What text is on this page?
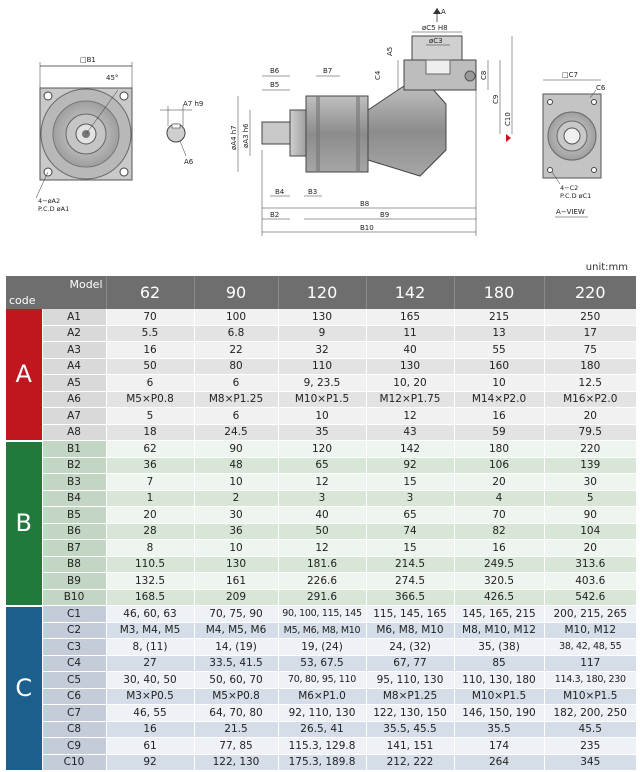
□B1
45°
4−øA2
P.C.D øA1
A7 h9
A6
A
øC5 H8
øC3
A5
C4	C8
C9
C10
B6
B5
B7
øA4 h7 øA3 h6
B4	B3
B8
B2	B9
B10
□C7
C6
4−C2
P.C.D øC1
A−VIEW
unit:mm
Model
code		62	90	120	142	180	220
A	A1	70	100	130	165	215	250
	A2	5.5	6.8	9	11	13	17
	A3	16	22	32	40	55	75
	A4	50	80	110	130	160	180
	A5	6	6	9, 23.5	10, 20	10	12.5
	A6	M5×P0.8	M8×P1.25	M10×P1.5	M12×P1.75	M14×P2.0	M16×P2.0
	A7	5	6	10	12	16	20
	A8	18	24.5	35	43	59	79.5
B	B1	62	90	120	142	180	220
	B2	36	48	65	92	106	139
	B3	7	10	12	15	20	30
	B4	1	2	3	3	4	5
	B5	20	30	40	65	70	90
	B6	28	36	50	74	82	104
	B7	8	10	12	15	16	20
	B8	110.5	130	181.6	214.5	249.5	313.6
	B9	132.5	161	226.6	274.5	320.5	403.6
	B10	168.5	209	291.6	366.5	426.5	542.6
C	C1	46, 60, 63	70, 75, 90	90, 100, 115, 145	115, 145, 165	145, 165, 215	200, 215, 265
	C2	M3, M4, M5	M4, M5, M6	M5, M6, M8, M10	M6, M8, M10	M8, M10, M12	M10, M12
	C3	8, (11)	14, (19)	19, (24)	24, (32)	35, (38)	38, 42, 48, 55
	C4	27	33.5, 41.5	53, 67.5	67, 77	85	117
	C5	30, 40, 50	50, 60, 70	70, 80, 95, 110	95, 110, 130	110, 130, 180	114.3, 180, 230
	C6	M3×P0.5	M5×P0.8	M6×P1.0	M8×P1.25	M10×P1.5	M10×P1.5
	C7	46, 55	64, 70, 80	92, 110, 130	122, 130, 150	146, 150, 190	182, 200, 250
	C8	16	21.5	26.5, 41	35.5, 45.5	35.5	45.5
	C9	61	77, 85	115.3, 129.8	141, 151	174	235
	C10	92	122, 130	175.3, 189.8	212, 222	264	345
